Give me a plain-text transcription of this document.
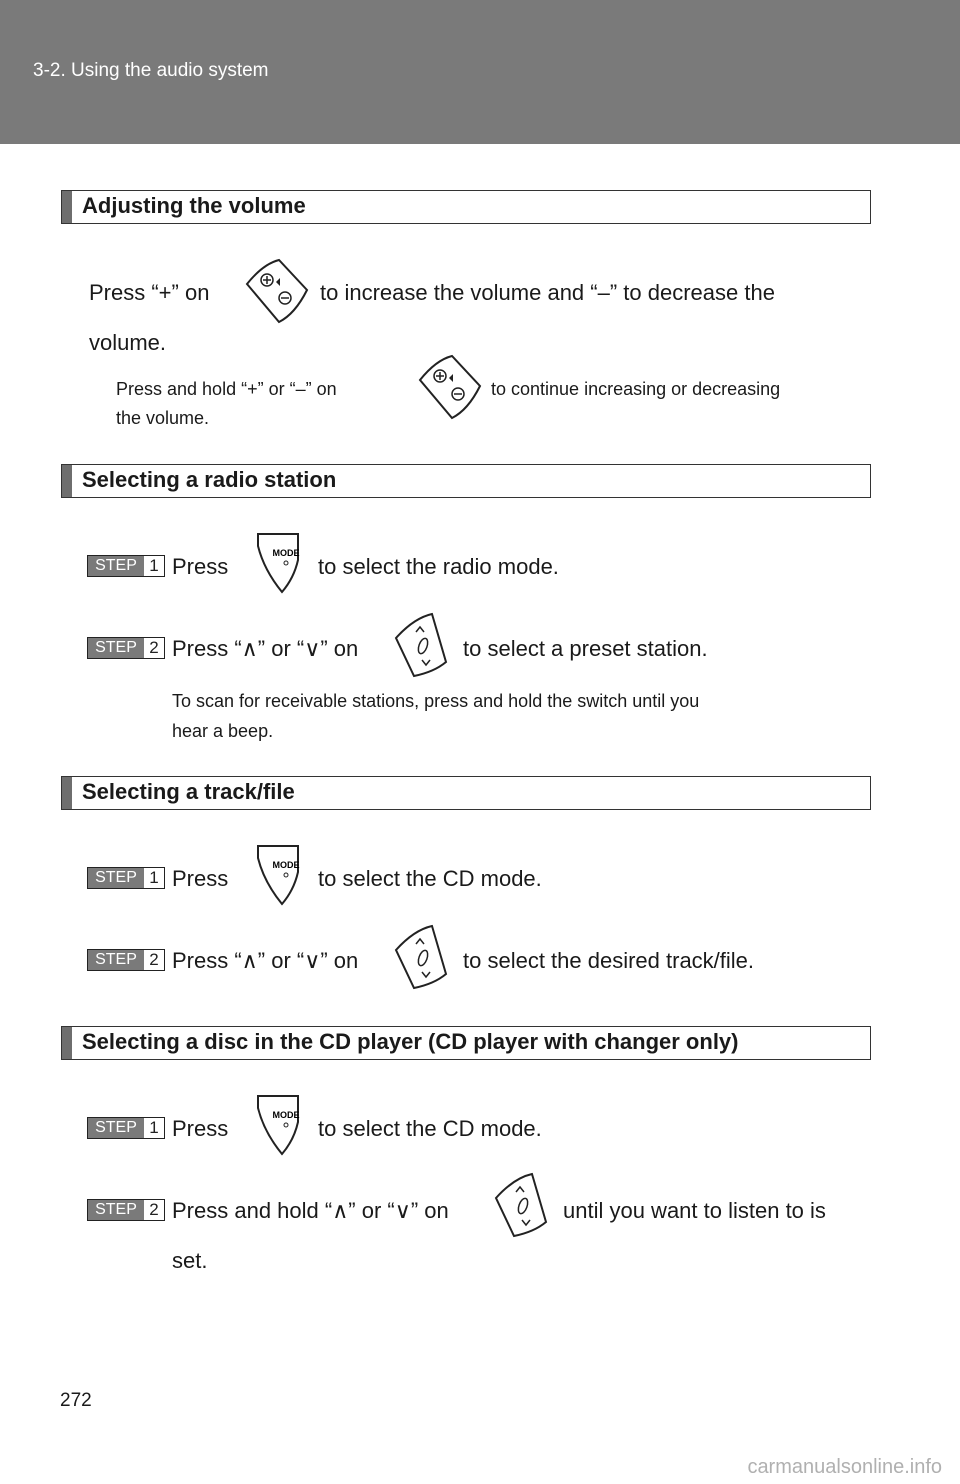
3-2. Using the audio system
Adjusting the volume
Press “+” on	to increase the volume and “–” to decrease the
volume.
Press and hold “+” or “–” on	to continue increasing or decreasing
the volume.
Selecting a radio station
STEP 1 Press
MODE
to select the radio mode.
STEP 2 Press “∧” or “∨” on	to select a preset station.
To scan for receivable stations, press and hold the switch until you
hear a beep.
Selecting a track/file
STEP 1 Press
MODE
to select the CD mode.
STEP 2 Press “∧” or “∨” on	to select the desired track/file.
Selecting a disc in the CD player (CD player with changer only)
STEP 1 Press
MODE
to select the CD mode.
STEP 2 Press and hold “∧” or “∨” on	until you want to listen to is
set.
272
carmanualsonline.info
